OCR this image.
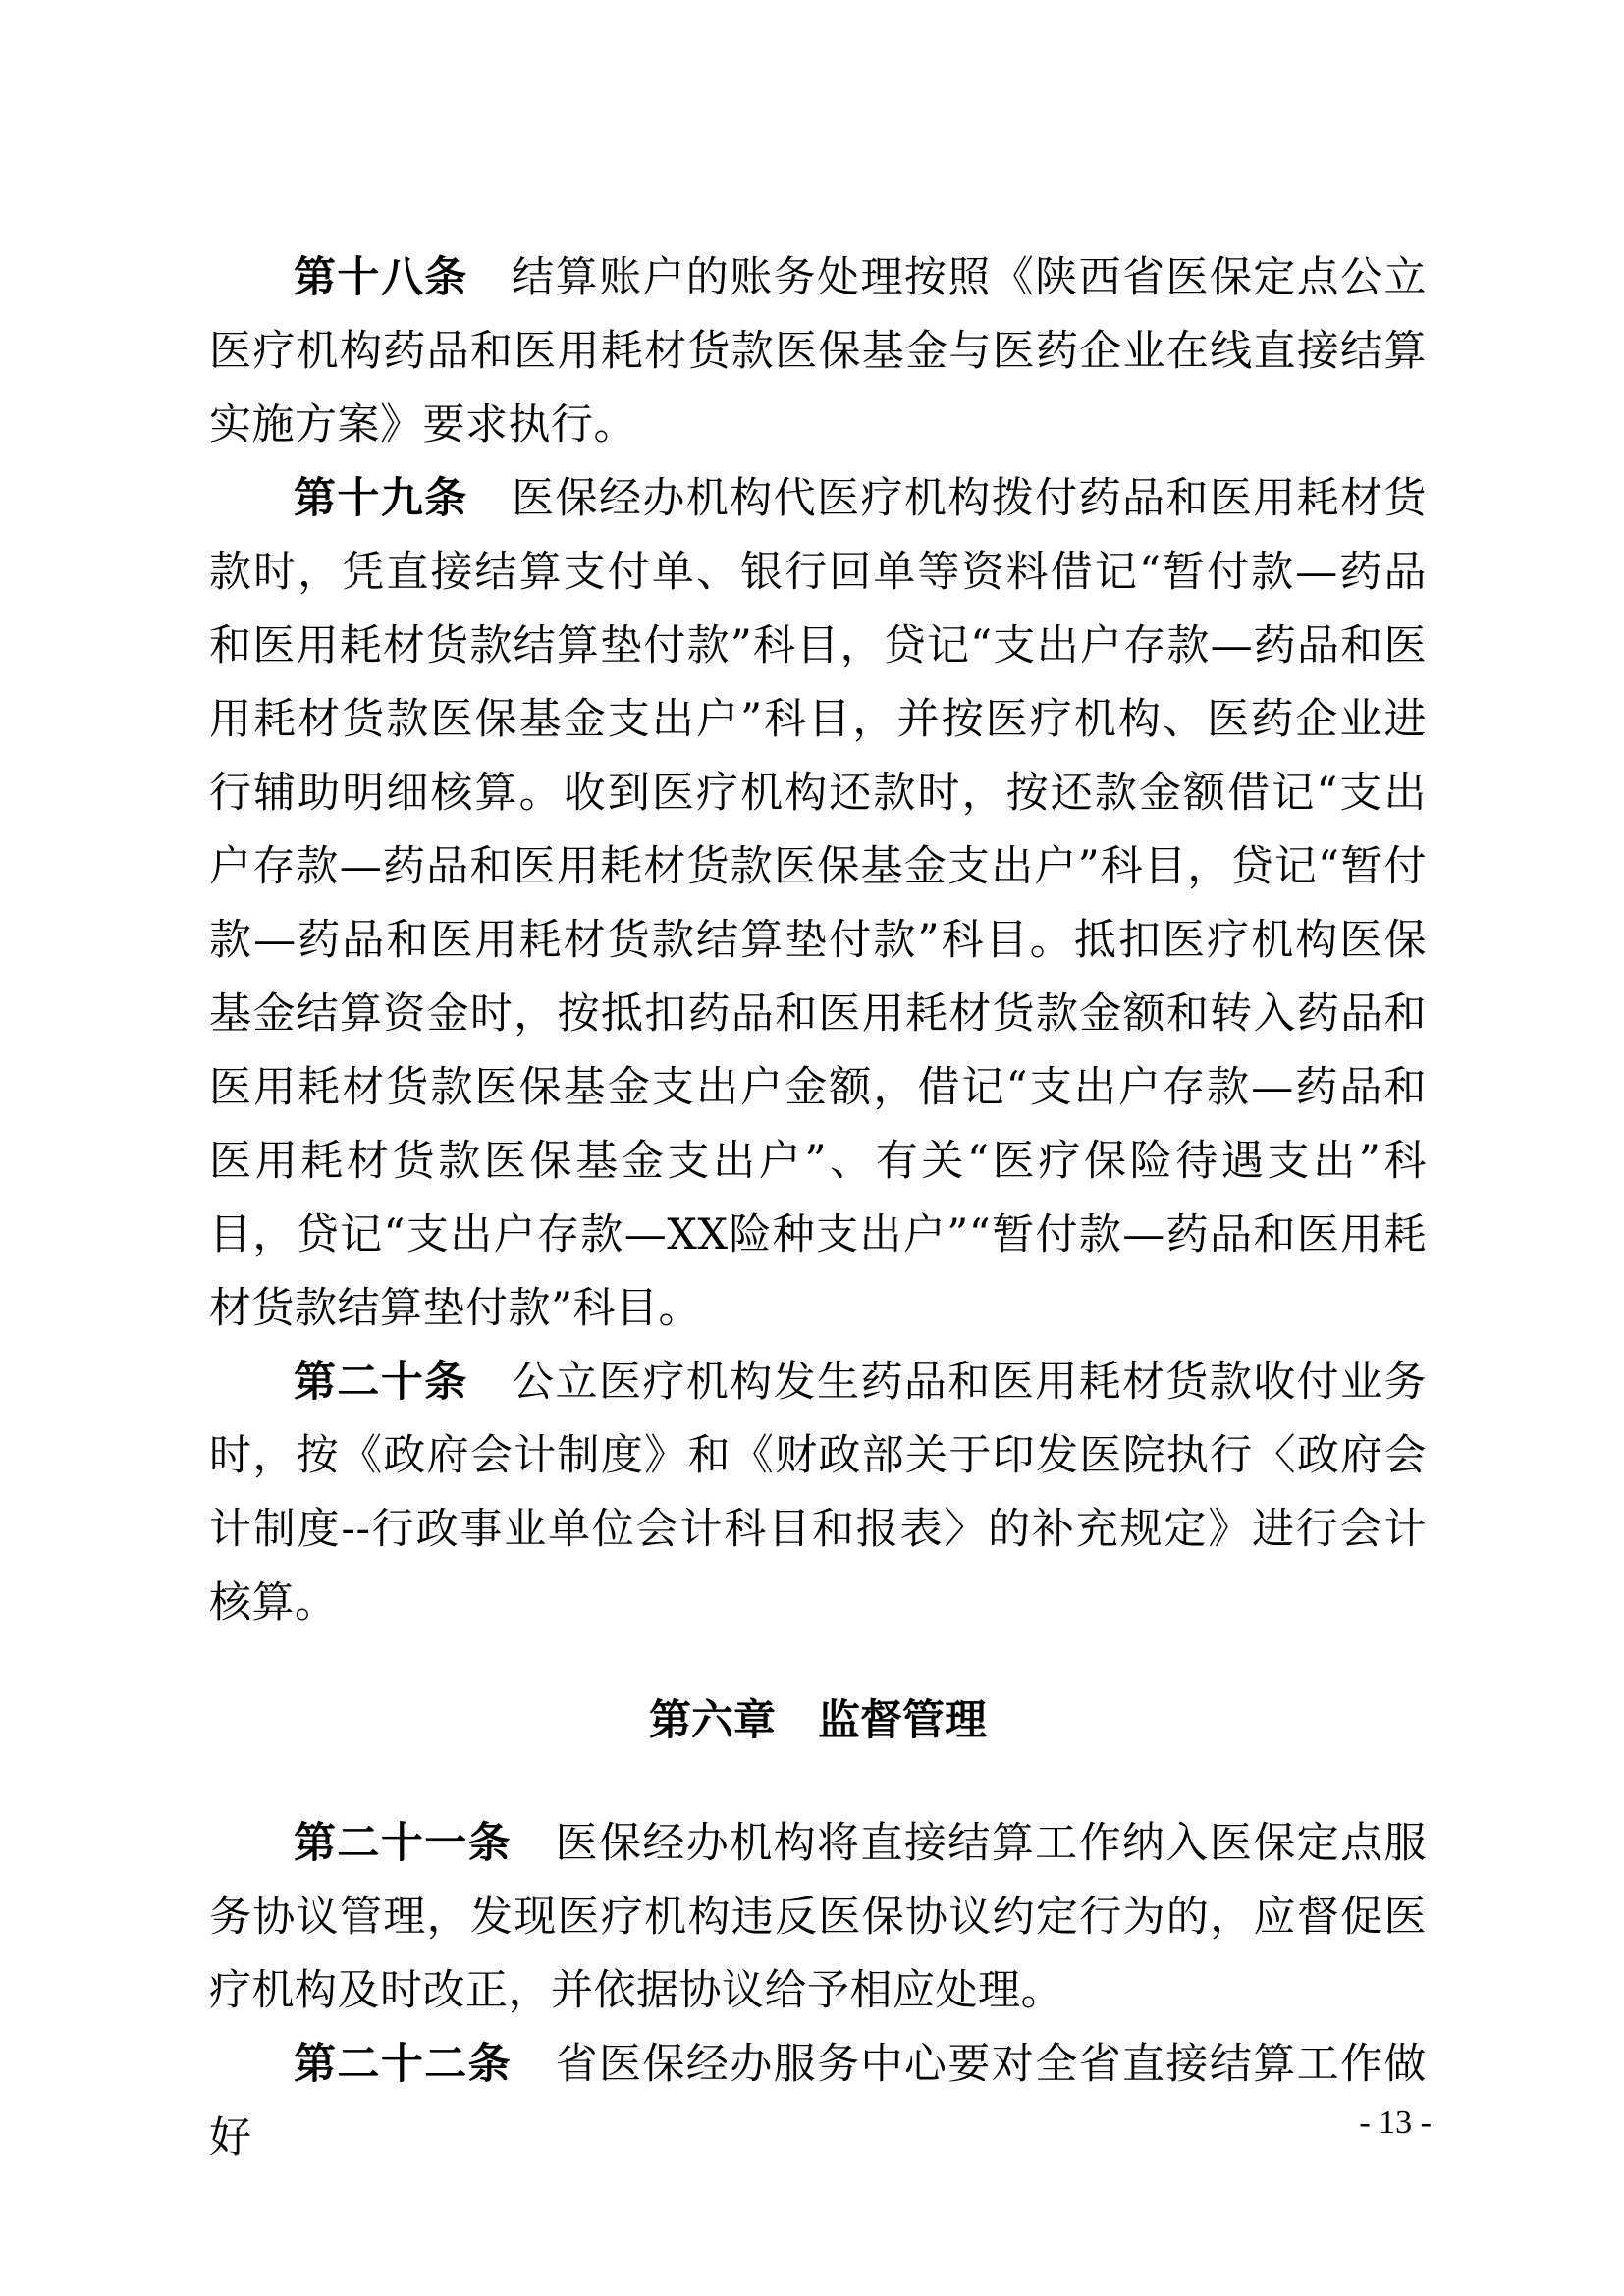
第十八条　 结算账户的账务处理按照《陕西省医保定点公立医疗机构药品和医用耗材货款医保基金与医药企业在线直接结算实施方案》要求执行。

第十九条　 医保经办机构代医疗机构拨付药品和医用耗材货款时，凭直接结算支付单、银行回单等资料借记“暂付款—药品和医用耗材货款结算垫付款”科目，贷记“支出户存款—药品和医用耗材货款医保基金支出户”科目，并按医疗机构、医药企业进行辅助明细核算。收到医疗机构还款时，按还款金额借记“支出户存款—药品和医用耗材货款医保基金支出户”科目，贷记“暂付款—药品和医用耗材货款结算垫付款”科目。抵扣医疗机构医保基金结算资金时，按抵扣药品和医用耗材货款金额和转入药品和医用耗材货款医保基金支出户金额，借记“支出户存款—药品和医用耗材货款医保基金支出户”、有关“医疗保险待遇支出”科目，贷记“支出户存款—XX险种支出户”“暂付款—药品和医用耗材货款结算垫付款”科目。

第二十条　 公立医疗机构发生药品和医用耗材货款收付业务时，按《政府会计制度》和《财政部关于印发医院执行〈政府会计制度--行政事业单位会计科目和报表〉的补充规定》进行会计核算。

第六章　监督管理

第二十一条　 医保经办机构将直接结算工作纳入医保定点服务协议管理，发现医疗机构违反医保协议约定行为的，应督促医疗机构及时改正，并依据协议给予相应处理。

第二十二条　 省医保经办服务中心要对全省直接结算工作做好	- 13 -
